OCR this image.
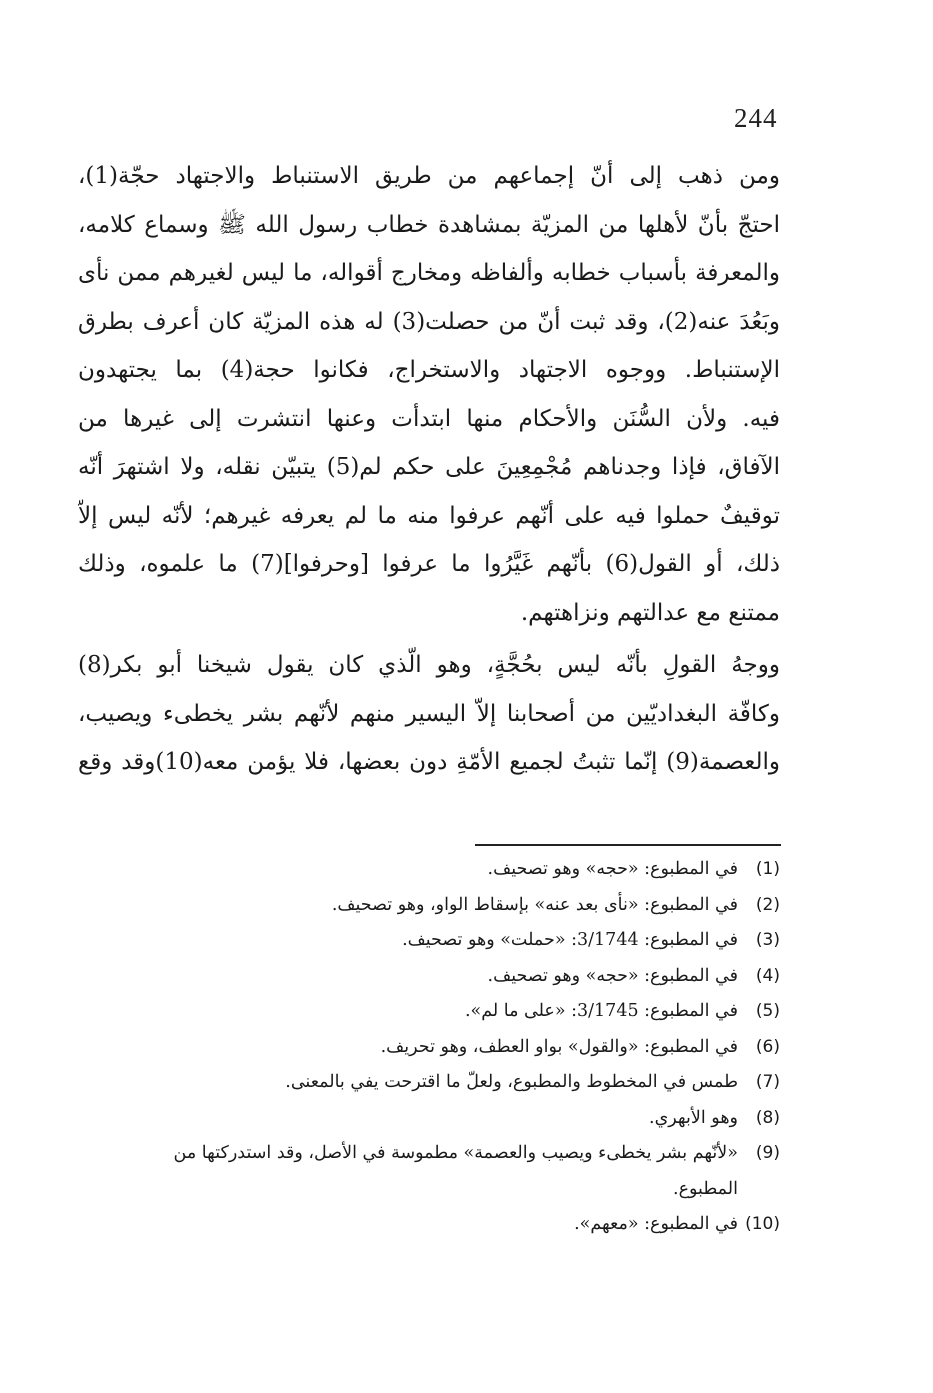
244

ومن ذهب إلى أنّ إجماعهم من طريق الاستنباط والاجتهاد حجّة(1)،
احتجّ بأنّ لأهلها من المزيّة بمشاهدة خطاب رسول الله ﷺ وسماع كلامه،
والمعرفة بأسباب خطابه وألفاظه ومخارج أقواله، ما ليس لغيرهم ممن نأى
وبَعُدَ عنه(2)، وقد ثبت أنّ من حصلت(3) له هذه المزيّة كان أعرف بطرق
الإستنباط. ووجوه الاجتهاد والاستخراج، فكانوا حجة(4) بما يجتهدون
فيه. ولأن السُّنَن والأحكام منها ابتدأت وعنها انتشرت إلى غيرها من
الآفاق، فإذا وجدناهم مُجْمِعِينَ على حكم لم(5) يتبيّن نقله، ولا اشتهرَ أنّه
توقيفٌ حملوا فيه على أنّهم عرفوا منه ما لم يعرفه غيرهم؛ لأنّه ليس إلاّ
ذلك، أو القول(6) بأنّهم غَيَّرُوا ما عرفوا [وحرفوا](7) ما علموه، وذلك
ممتنع مع عدالتهم ونزاهتهم.

ووجهُ القولِ بأنّه ليس بحُجَّةٍ، وهو الّذي كان يقول شيخنا أبو بكر(8)
وكافّة البغداديّين من أصحابنا إلاّ اليسير منهم لأنّهم بشر يخطىء ويصيب،
والعصمة(9) إنّما تثبتُ لجميع الأمّةِ دون بعضها، فلا يؤمن معه(10)وقد وقع

(1)
في المطبوع: «حجه» وهو تصحيف.
(2)
في المطبوع: «نأى بعد عنه» بإسقاط الواو، وهو تصحيف.
(3)
في المطبوع: 3/1744: «حملت» وهو تصحيف.
(4)
في المطبوع: «حجه» وهو تصحيف.
(5)
في المطبوع: 3/1745: «على ما لم».
(6)
في المطبوع: «والقول» بواو العطف، وهو تحريف.
(7)
طمس في المخطوط والمطبوع، ولعلّ ما اقترحت يفي بالمعنى.
(8)
وهو الأبهري.
(9)
«لأنّهم بشر يخطىء ويصيب والعصمة» مطموسة في الأصل، وقد استدركتها من
المطبوع.
(10)
في المطبوع: «معهم».
